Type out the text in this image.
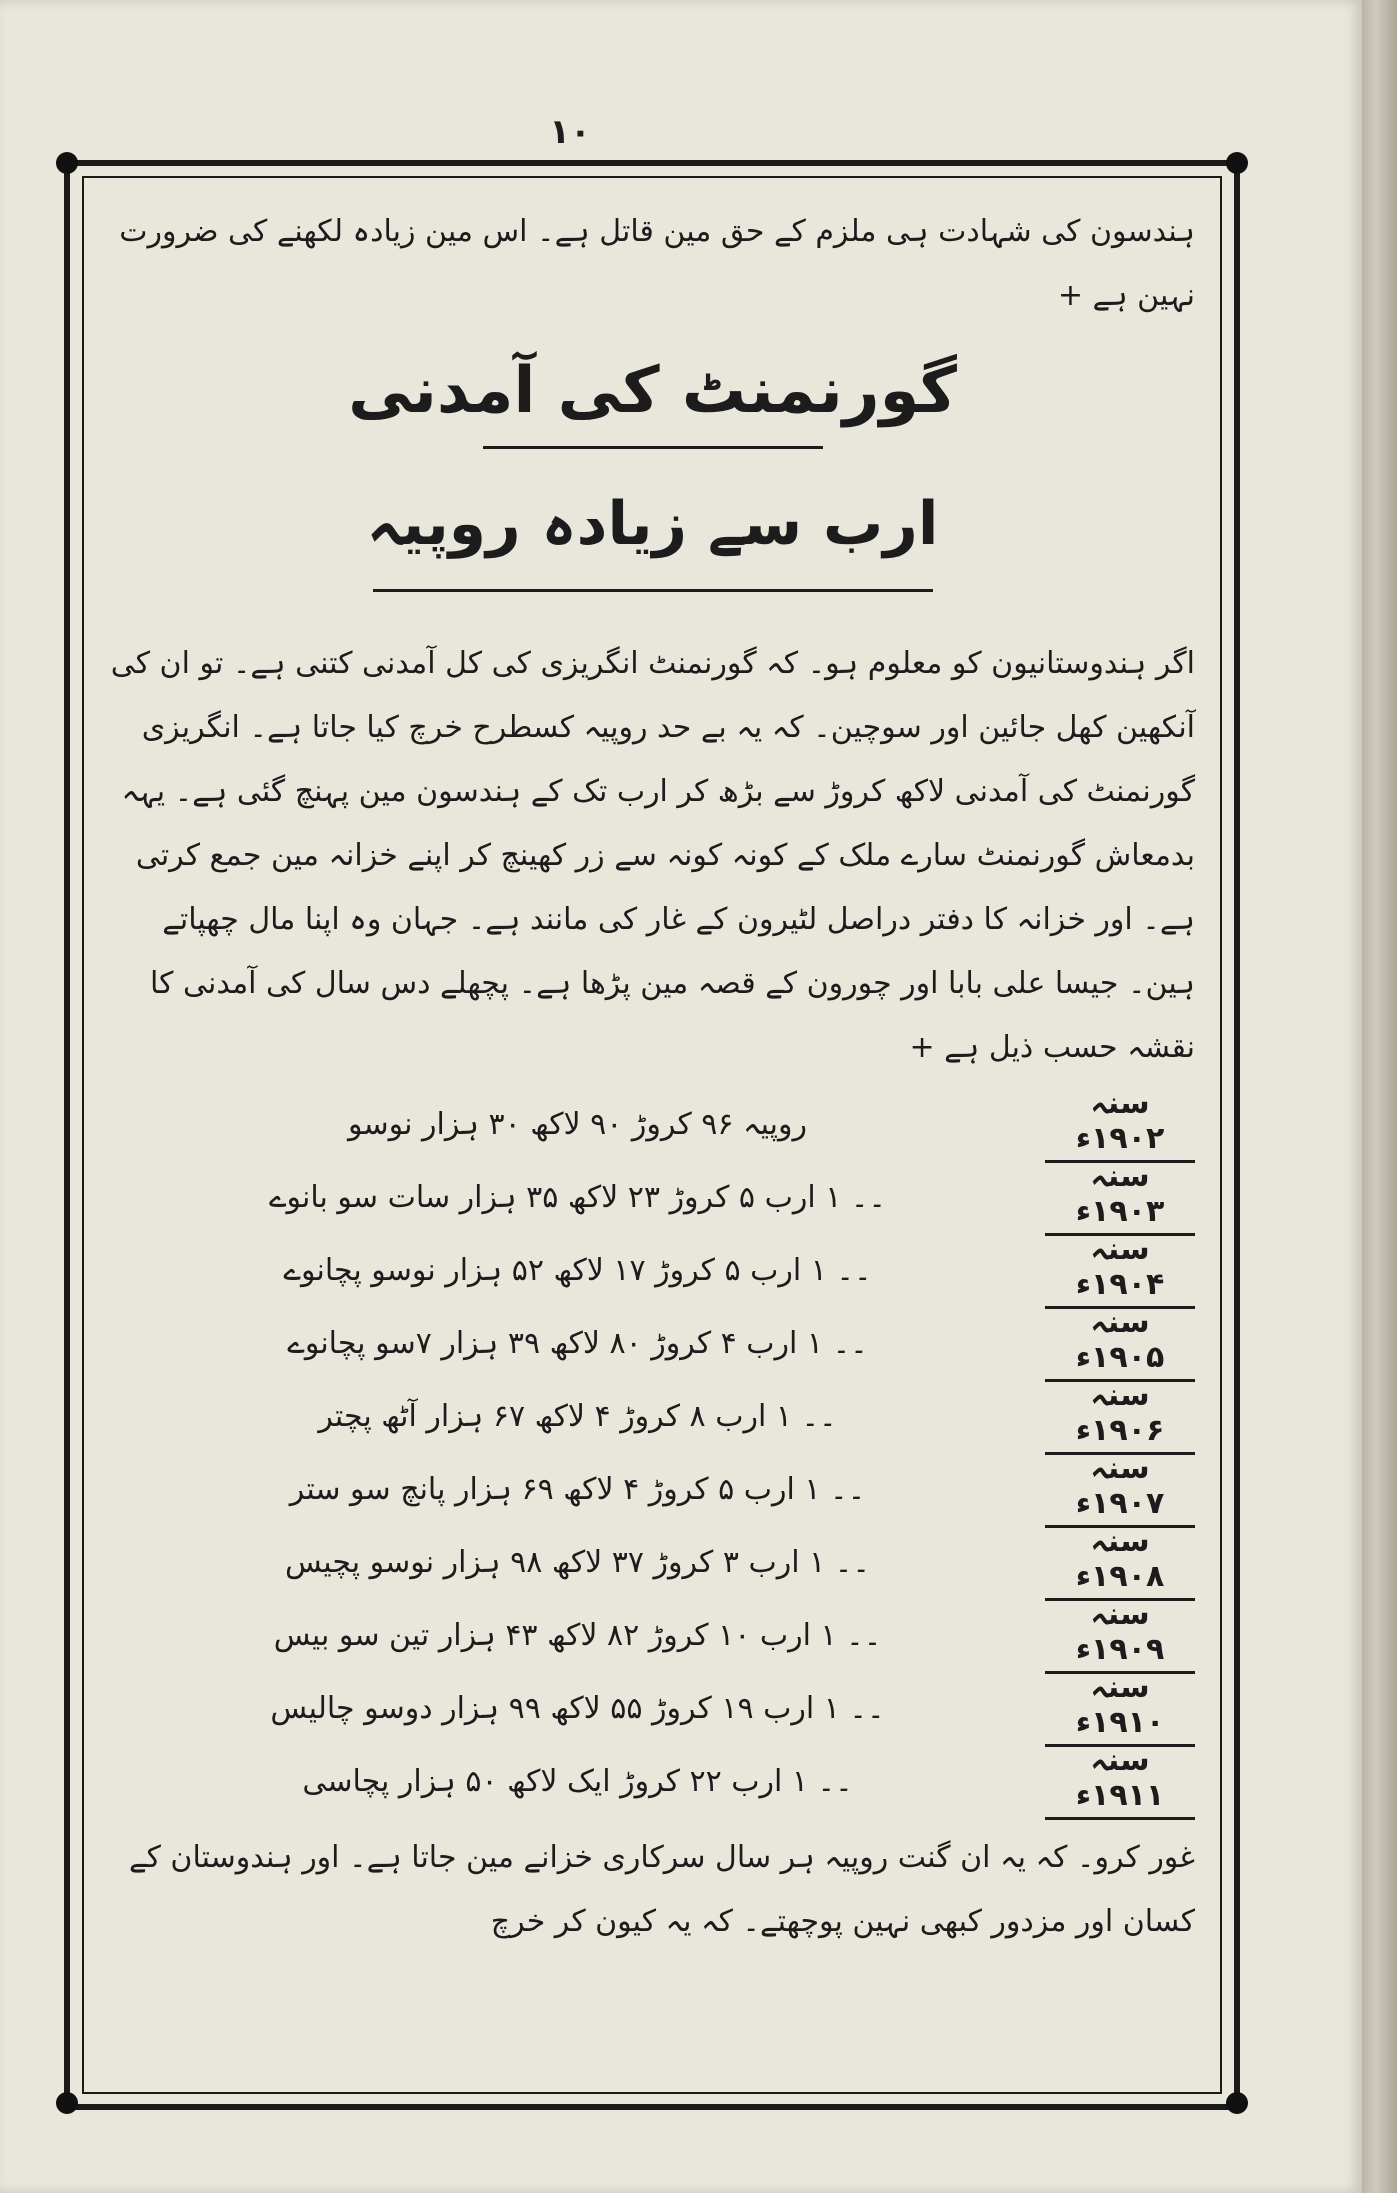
۱۰

ہندسون کی شہادت ہی ملزم کے حق مین قاتل ہے۔ اس مین زیادہ لکھنے کی ضرورت نہین ہے +

گورنمنٹ کی آمدنی
ارب سے زیادہ روپیہ

اگر ہندوستانیون کو معلوم ہو۔ کہ گورنمنٹ انگریزی کی کل آمدنی کتنی ہے۔ تو ان کی آنکھین کھل جائین اور سوچین۔ کہ یہ بے حد روپیہ کسطرح خرچ کیا جاتا ہے۔ انگریزی گورنمنٹ کی آمدنی لاکھ کروڑ سے بڑھ کر ارب تک کے ہندسون مین پہنچ گئی ہے۔ یہہ بدمعاش گورنمنٹ سارے ملک کے کونہ کونہ سے زر کھینچ کر اپنے خزانہ مین جمع کرتی ہے۔ اور خزانہ کا دفتر دراصل لٹیرون کے غار کی مانند ہے۔ جہان وہ اپنا مال چھپاتے ہین۔ جیسا علی بابا اور چورون کے قصہ مین پڑھا ہے۔ پچھلے دس سال کی آمدنی کا نقشہ حسب ذیل ہے +

سنہ ۱۹۰۲ء
روپیہ ۹۶ کروڑ ۹۰ لاکھ ۳۰ ہزار نوسو
سنہ ۱۹۰۳ء
۔۔ ۱ ارب ۵ کروڑ ۲۳ لاکھ ۳۵ ہزار سات سو بانوے
سنہ ۱۹۰۴ء
۔۔ ۱ ارب ۵ کروڑ ۱۷ لاکھ ۵۲ ہزار نوسو پچانوے
سنہ ۱۹۰۵ء
۔۔ ۱ ارب ۴ کروڑ ۸۰ لاکھ ۳۹ ہزار ۷سو پچانوے
سنہ ۱۹۰۶ء
۔۔ ۱ ارب ۸ کروڑ ۴ لاکھ ۶۷ ہزار آٹھ پچتر
سنہ ۱۹۰۷ء
۔۔ ۱ ارب ۵ کروڑ ۴ لاکھ ۶۹ ہزار پانچ سو ستر
سنہ ۱۹۰۸ء
۔۔ ۱ ارب ۳ کروڑ ۳۷ لاکھ ۹۸ ہزار نوسو پچیس
سنہ ۱۹۰۹ء
۔۔ ۱ ارب ۱۰ کروڑ ۸۲ لاکھ ۴۳ ہزار تین سو بیس
سنہ ۱۹۱۰ء
۔۔ ۱ ارب ۱۹ کروڑ ۵۵ لاکھ ۹۹ ہزار دوسو چالیس
سنہ ۱۹۱۱ء
۔۔ ۱ ارب ۲۲ کروڑ ایک لاکھ ۵۰ ہزار پچاسی

غور کرو۔ کہ یہ ان گنت روپیہ ہر سال سرکاری خزانے مین جاتا ہے۔ اور ہندوستان کے کسان اور مزدور کبھی نہین پوچھتے۔ کہ یہ کیون کر خرچ
